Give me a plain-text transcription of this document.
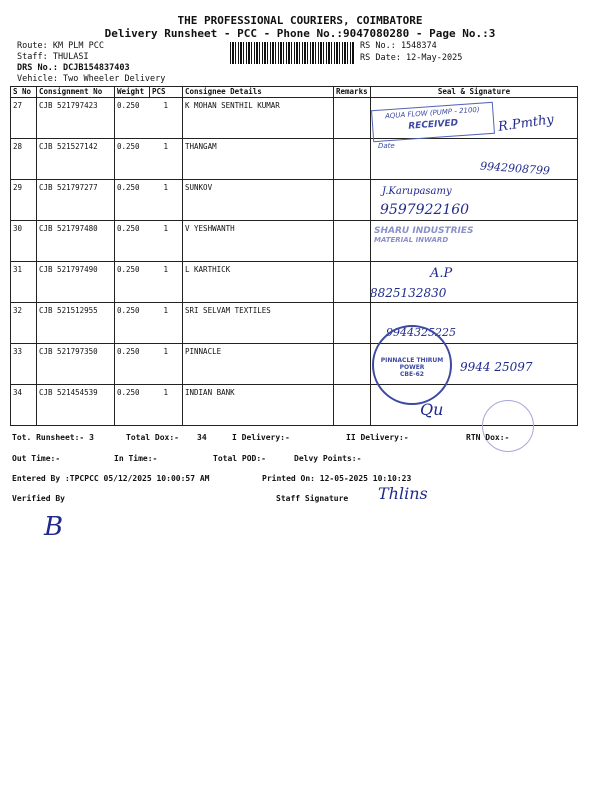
THE PROFESSIONAL COURIERS, COIMBATORE
Delivery Runsheet - PCC - Phone No.:9047080280 - Page No.:3
Route: KM PLM PCC
Staff: THULASI
DRS No.: DCJB154837403
Vehicle: Two Wheeler Delivery
RS No.: 1548374
RS Date: 12-May-2025
S No	Consignment No	Weight	PCS	Consignee Details	Remarks	Seal & Signature
27	CJB 521797423	0.250	1	K MOHAN SENTHIL KUMAR		
28	CJB 521527142	0.250	1	THANGAM		
29	CJB 521797277	0.250	1	SUNKOV		
30	CJB 521797480	0.250	1	V YESHWANTH		
31	CJB 521797490	0.250	1	L KARTHICK		
32	CJB 521512955	0.250	1	SRI SELVAM TEXTILES		
33	CJB 521797350	0.250	1	PINNACLE		
34	CJB 521454539	0.250	1	INDIAN BANK		
AQUA FLOW (PUMP - 2100)
RECEIVED
Date
R.Pmthy
9942908799
J.Karupasamy
9597922160
SHARU INDUSTRIES
MATERIAL INWARD
A.P
8825132830
9944325225
PINNACLE THIRUM POWER
CBE-62
9944 25097
Qu
Tot. Runsheet:- 3	Total Dox:- 34	I Delivery:-	II Delivery:-	RTN Dox:-
Out Time:-	In Time:-	Total POD:-	Delvy Points:-
Entered By :TPCPCC 05/12/2025 10:00:57 AM	Printed On: 12-05-2025 10:10:23
Verified By	Staff Signature Thlins
B
